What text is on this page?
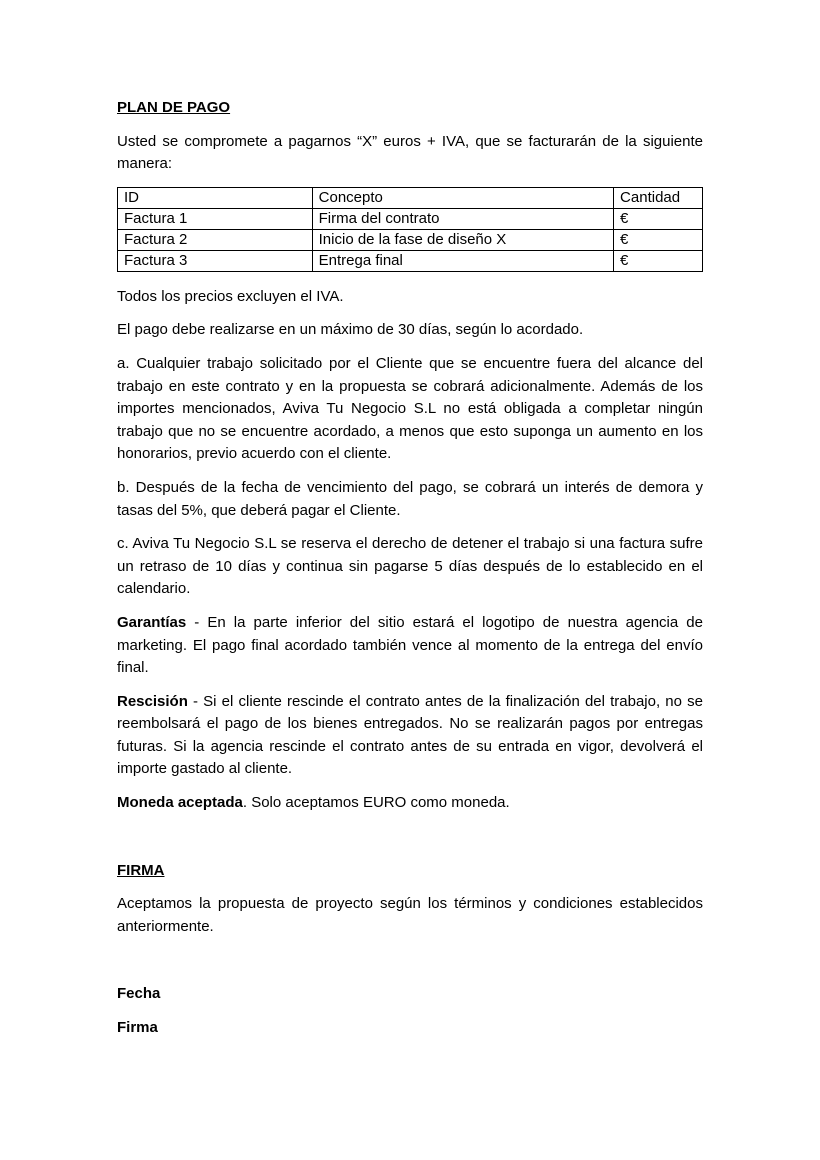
PLAN DE PAGO

Usted se compromete a pagarnos “X” euros + IVA, que se facturarán de la siguiente manera:

ID	Concepto	Cantidad
Factura 1	Firma del contrato	€
Factura 2	Inicio de la fase de diseño X	€
Factura 3	Entrega final	€

Todos los precios excluyen el IVA.

El pago debe realizarse en un máximo de 30 días, según lo acordado.

a. Cualquier trabajo solicitado por el Cliente que se encuentre fuera del alcance del trabajo en este contrato y en la propuesta se cobrará adicionalmente. Además de los importes mencionados, Aviva Tu Negocio S.L no está obligada a completar ningún trabajo que no se encuentre acordado, a menos que esto suponga un aumento en los honorarios, previo acuerdo con el cliente.

b. Después de la fecha de vencimiento del pago, se cobrará un interés de demora y tasas del 5%, que deberá pagar el Cliente.

c. Aviva Tu Negocio S.L se reserva el derecho de detener el trabajo si una factura sufre un retraso de 10 días y continua sin pagarse 5 días después de lo establecido en el calendario.

Garantías - En la parte inferior del sitio estará el logotipo de nuestra agencia de marketing. El pago final acordado también vence al momento de la entrega del envío final.

Rescisión - Si el cliente rescinde el contrato antes de la finalización del trabajo, no se reembolsará el pago de los bienes entregados. No se realizarán pagos por entregas futuras. Si la agencia rescinde el contrato antes de su entrada en vigor, devolverá el importe gastado al cliente.

Moneda aceptada. Solo aceptamos EURO como moneda.

FIRMA

Aceptamos la propuesta de proyecto según los términos y condiciones establecidos anteriormente.

Fecha

Firma
